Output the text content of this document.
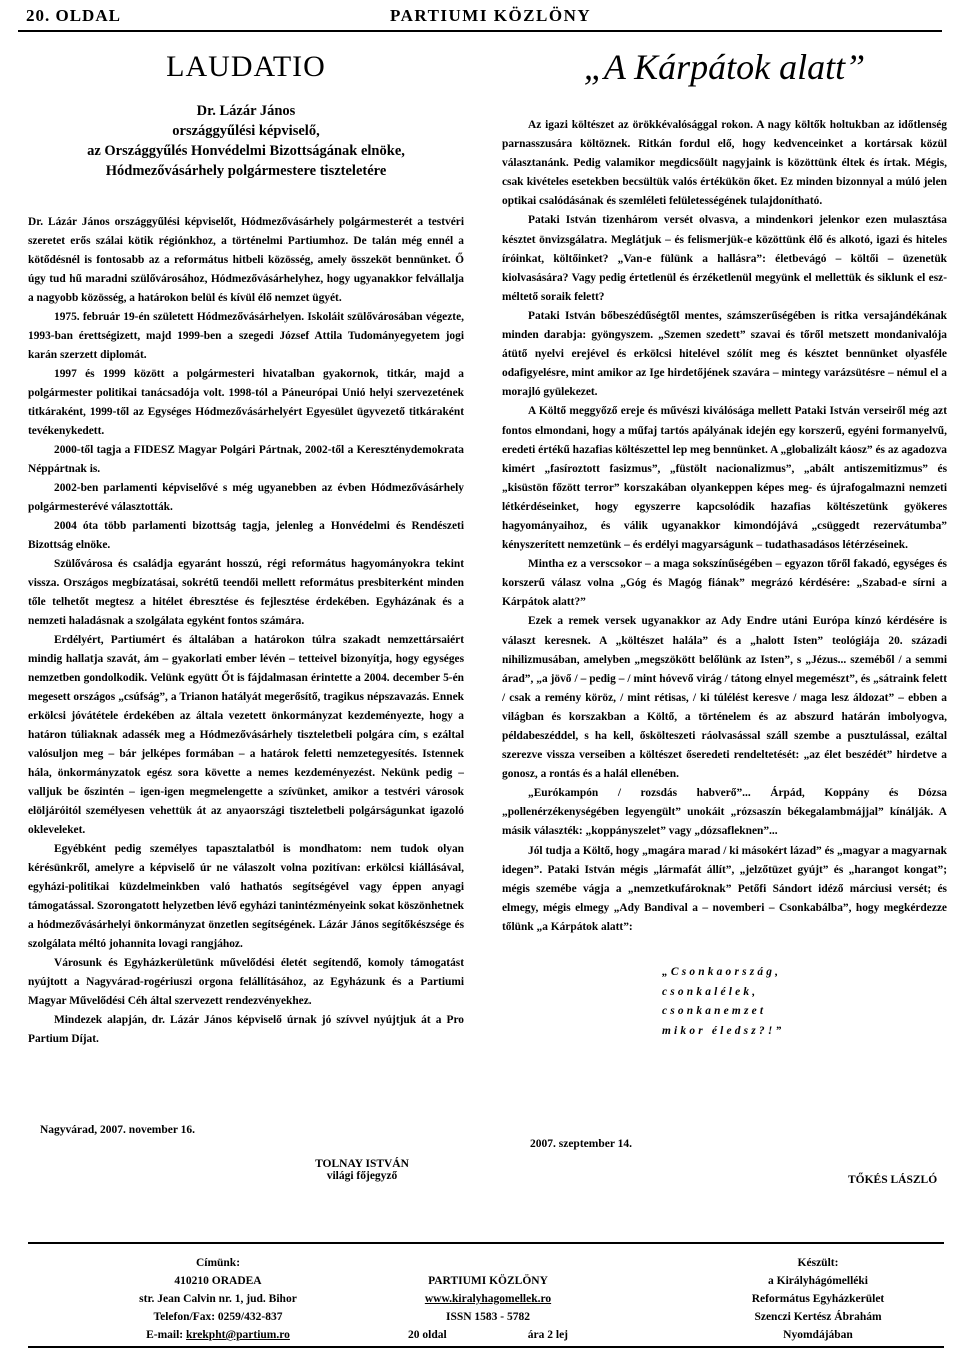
20. OLDAL	PARTIUMI KÖZLÖNY
LAUDATIO
Dr. Lázár János
országgyűlési képviselő,
az Országgyűlés Honvédelmi Bizottságának elnöke,
Hódmezővásárhely polgármestere tiszteletére

Dr. Lázár János országgyűlési képviselőt, Hódmezővásárhely polgármesterét a testvéri szeretet erős szálai kötik régiónkhoz, a történelmi Partiumhoz. De talán még ennél a kötődésnél is fontosabb az a református hitbeli közösség, amely összeköt bennünket. Ő úgy tud hű maradni szülővárosához, Hódmezővásárhelyhez, hogy ugyanakkor felvállalja a nagyobb közösség, a határokon belül és kívül élő nemzet ügyét.

1975. február 19-én született Hódmezővásárhelyen. Iskoláit szülővárosában végezte, 1993-ban érettségizett, majd 1999-ben a szegedi József Attila Tudományegyetem jogi karán szerzett diplomát.

1997 és 1999 között a polgármesteri hivatalban gyakornok, titkár, majd a polgármester politikai tanácsadója volt. 1998-tól a Páneurópai Unió helyi szervezetének titkáraként, 1999-től az Egységes Hódmezővásárhelyért Egyesület ügyvezető titkáraként tevékenykedett.

2000-től tagja a FIDESZ Magyar Polgári Pártnak, 2002-től a Kereszténydemokrata Néppártnak is.

2002-ben parlamenti képviselővé s még ugyanebben az évben Hódmezővásárhely polgármesterévé választották.

2004 óta több parlamenti bizottság tagja, jelenleg a Honvédelmi és Rendészeti Bizottság elnöke.

Szülővárosa és családja egyaránt hosszú, régi református hagyományokra tekint vissza. Országos megbízatásai, sokrétű teendői mellett református presbiterként minden tőle telhetőt megtesz a hitélet ébresztése és fejlesztése érdekében. Egyházának és a nemzeti haladásnak a szolgálata egyként fontos számára.

Erdélyért, Partiumért és általában a határokon túlra szakadt nemzettársaiért mindig hallatja szavát, ám – gyakorlati ember lévén – tetteivel bizonyítja, hogy egységes nemzetben gondolkodik. Velünk együtt Őt is fájdalmasan érintette a 2004. december 5-én megesett országos „csúfság”, a Trianon hatályát megerősítő, tragikus népszavazás. Ennek erkölcsi jóvátétele érdekében az általa vezetett önkormányzat kezdeményezte, hogy a határon túliaknak adassék meg a Hódmezővásárhely tiszteletbeli polgára cím, s ezáltal valósuljon meg – bár jelképes formában – a határok feletti nemzetegyesítés. Istennek hála, önkormányzatok egész sora követte a nemes kezdeményezést. Nekünk pedig – valljuk be őszintén – igen-igen megmelengette a szívünket, amikor a testvéri városok elöljáróitól személyesen vehettük át az anyaországi tiszteletbeli polgárságunkat igazoló okleveleket.

Egyébként pedig személyes tapasztalatból is mondhatom: nem tudok olyan kérésünkről, amelyre a képviselő úr ne válaszolt volna pozitívan: erkölcsi kiállásával, egyházi-politikai küzdelmeinkben való hathatós segítségével vagy éppen anyagi támogatással. Szorongatott helyzetben lévő egyházi tanintézményeink sokat köszönhetnek a hódmezővásárhelyi önkormányzat önzetlen segítségének. Lázár János segítőkészsége és szolgálata méltó johannita lovagi rangjához.

Városunk és Egyházkerületünk művelődési életét segítendő, komoly támogatást nyújtott a Nagyvárad-rogériuszi orgona felállításához, az Egyházunk és a Partiumi Magyar Művelődési Céh által szervezett rendezvényekhez.

Mindezek alapján, dr. Lázár János képviselő úrnak jó szívvel nyújtjuk át a Pro Partium Díjat.

Nagyvárad, 2007. november 16.
TOLNAY ISTVÁN
világi főjegyző
„A Kárpátok alatt”

Az igazi költészet az örökkévalósággal rokon. A nagy költők holtukban az időtlenség parnasszusára költöznek. Ritkán fordul elő, hogy kedvenceinket a kortársak közül választanánk. Pedig valamikor megdicsőült nagyjaink is közöttünk éltek és írtak. Mégis, csak kivételes esetekben becsültük valós értékükön őket. Ez minden bizonnyal a múló jelen optikai csalódásának és szemléleti felületességének tulajdonítható.

Pataki István tizenhárom versét olvasva, a mindenkori jelenkor ezen mulasztása késztet önvizsgálatra. Meglátjuk – és felismerjük-e közöttünk élő és alkotó, igazi és hiteles íróinkat, költőinket? „Van-e fülünk a hallásra”: életbevágó – költői – üzenetük kiolvasására? Vagy pedig értetlenül és érzéketlenül megyünk el mellettük és siklunk el eszméltető soraik felett?

Pataki István bőbeszédűségtől mentes, számszerűségében is ritka versajándékának minden darabja: gyöngyszem. „Szemen szedett” szavai és tőről metszett mondanivalója átütő nyelvi erejével és erkölcsi hitelével szólít meg és késztet bennünket olyasféle odafigyelésre, mint amikor az Ige hirdetőjének szavára – mintegy varázsütésre – némul el a morajló gyülekezet.

A Költő meggyőző ereje és művészi kiválósága mellett Pataki István verseiről még azt fontos elmondani, hogy a műfaj tartós apályának idején egy korszerű, egyéni formanyelvű, eredeti értékű hazafias költészettel lep meg bennünket. A „globalizált káosz” és az agadozva kimért „fasíroztott fasizmus”, „füstölt nacionalizmus”, „abált antiszemitizmus” és „kisüstön főzött terror” korszakában olyankeppen képes meg- és újrafogalmazni nemzeti létkérdéseinket, hogy egyszerre kapcsolódik hazafias költészetünk gyökeres hagyományaihoz, és válik ugyanakkor kimondójává „csüggedt rezervátumba” kényszerített nemzetünk – és erdélyi magyarságunk – tudathasadásos létérzéseinek.

Mintha ez a verscsokor – a maga sokszínűségében – egyazon tőről fakadó, egységes és korszerű válasz volna „Góg és Magóg fiának” megrázó kérdésére: „Szabad-e sírni a Kárpátok alatt?”

Ezek a remek versek ugyanakkor az Ady Endre utáni Európa kínzó kérdésére is választ keresnek. A „költészet halála” és a „halott Isten” teológiája 20. századi nihilizmusában, amelyben „megszökött belőlünk az Isten”, s „Jézus... szeméből / a semmi árad”, „a jövő / – pedig – / mint hóvevő virág / tátong elnyel megemészt”, és „sátraink felett / csak a remény köröz, / mint rétisas, / ki túlélést keresve / maga lesz áldozat” – ebben a világban és korszakban a Költő, a történelem és az abszurd határán imbolyogva, példabeszéddel, s ha kell, őskölteszeti ráolvasással száll szembe a pusztulással, ezáltal szerezve visszа verseiben a költészet őseredeti rendeltetését: „az élet beszédét” hirdetve a gonosz, a rontás és a halál ellenében.

„Eurókampón / rozsdás habverő”... Árpád, Koppány és Dózsa „pollenérzékenységében legyengült” unokáit „rózsaszín békegalambmájjal” kínálják. A másik választék: „koppányszelet” vagy „dózsafleknen”...

Jól tudja a Költő, hogy „magára marad / ki másokért lázad” és „magyar a magyarnak idegen”. Pataki István mégis „lármafát állít”, „jelzőtüzet gyújt” és „harangot kongat”; mégis szemébe vágja a „nemzetkufároknak” Petőfi Sándort idéző márciusi versét; és elmegy, mégis elmegy „Ady Bandival a – novemberi – Csonkabálba”, hogy megkérdezze tőlünk „a Kárpátok alatt”:

„Csonkaország,
csonkalélek,
csonkanemzet
mikor éledsz?!”
2007. szeptember 14.
TŐKÉS LÁSZLÓ
Címünk:
410210 ORADEA
str. Jean Calvin nr. 1, jud. Bihor
Telefon/Fax: 0259/432-837
E-mail: krekpht@partium.ro
PARTIUMI KÖZLÖNY
www.kiralyhagomellek.ro
ISSN 1583 - 5782
20 oldal	ára 2 lej
Készült:
a Királyhágómelléki
Református Egyházkerület
Szenczi Kertész Ábrahám
Nyomdájában
